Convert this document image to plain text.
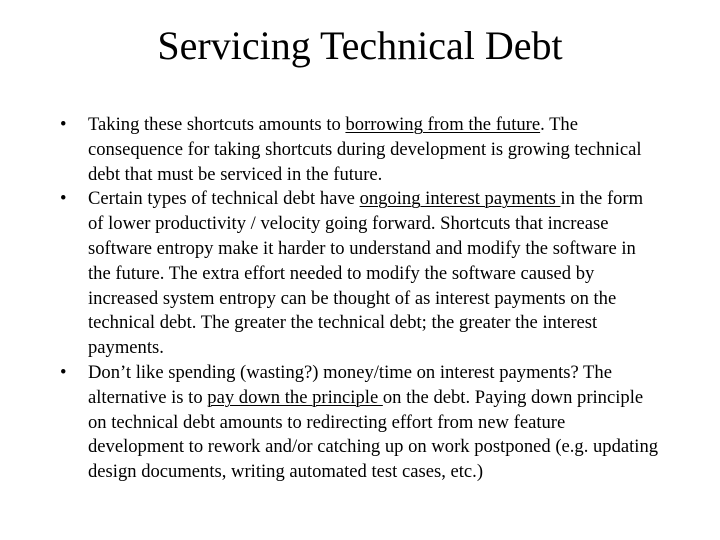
Servicing Technical Debt
• Taking these shortcuts amounts to borrowing from the future. The consequence for taking shortcuts during development is growing technical debt that must be serviced in the future.
• Certain types of technical debt have ongoing interest payments in the form of lower productivity / velocity going forward. Shortcuts that increase software entropy make it harder to understand and modify the software in the future. The extra effort needed to modify the software caused by increased system entropy can be thought of as interest payments on the technical debt. The greater the technical debt; the greater the interest payments.
• Don’t like spending (wasting?) money/time on interest payments? The alternative is to pay down the principle on the debt. Paying down principle on technical debt amounts to redirecting effort from new feature development to rework and/or catching up on work postponed (e.g. updating design documents, writing automated test cases, etc.)
